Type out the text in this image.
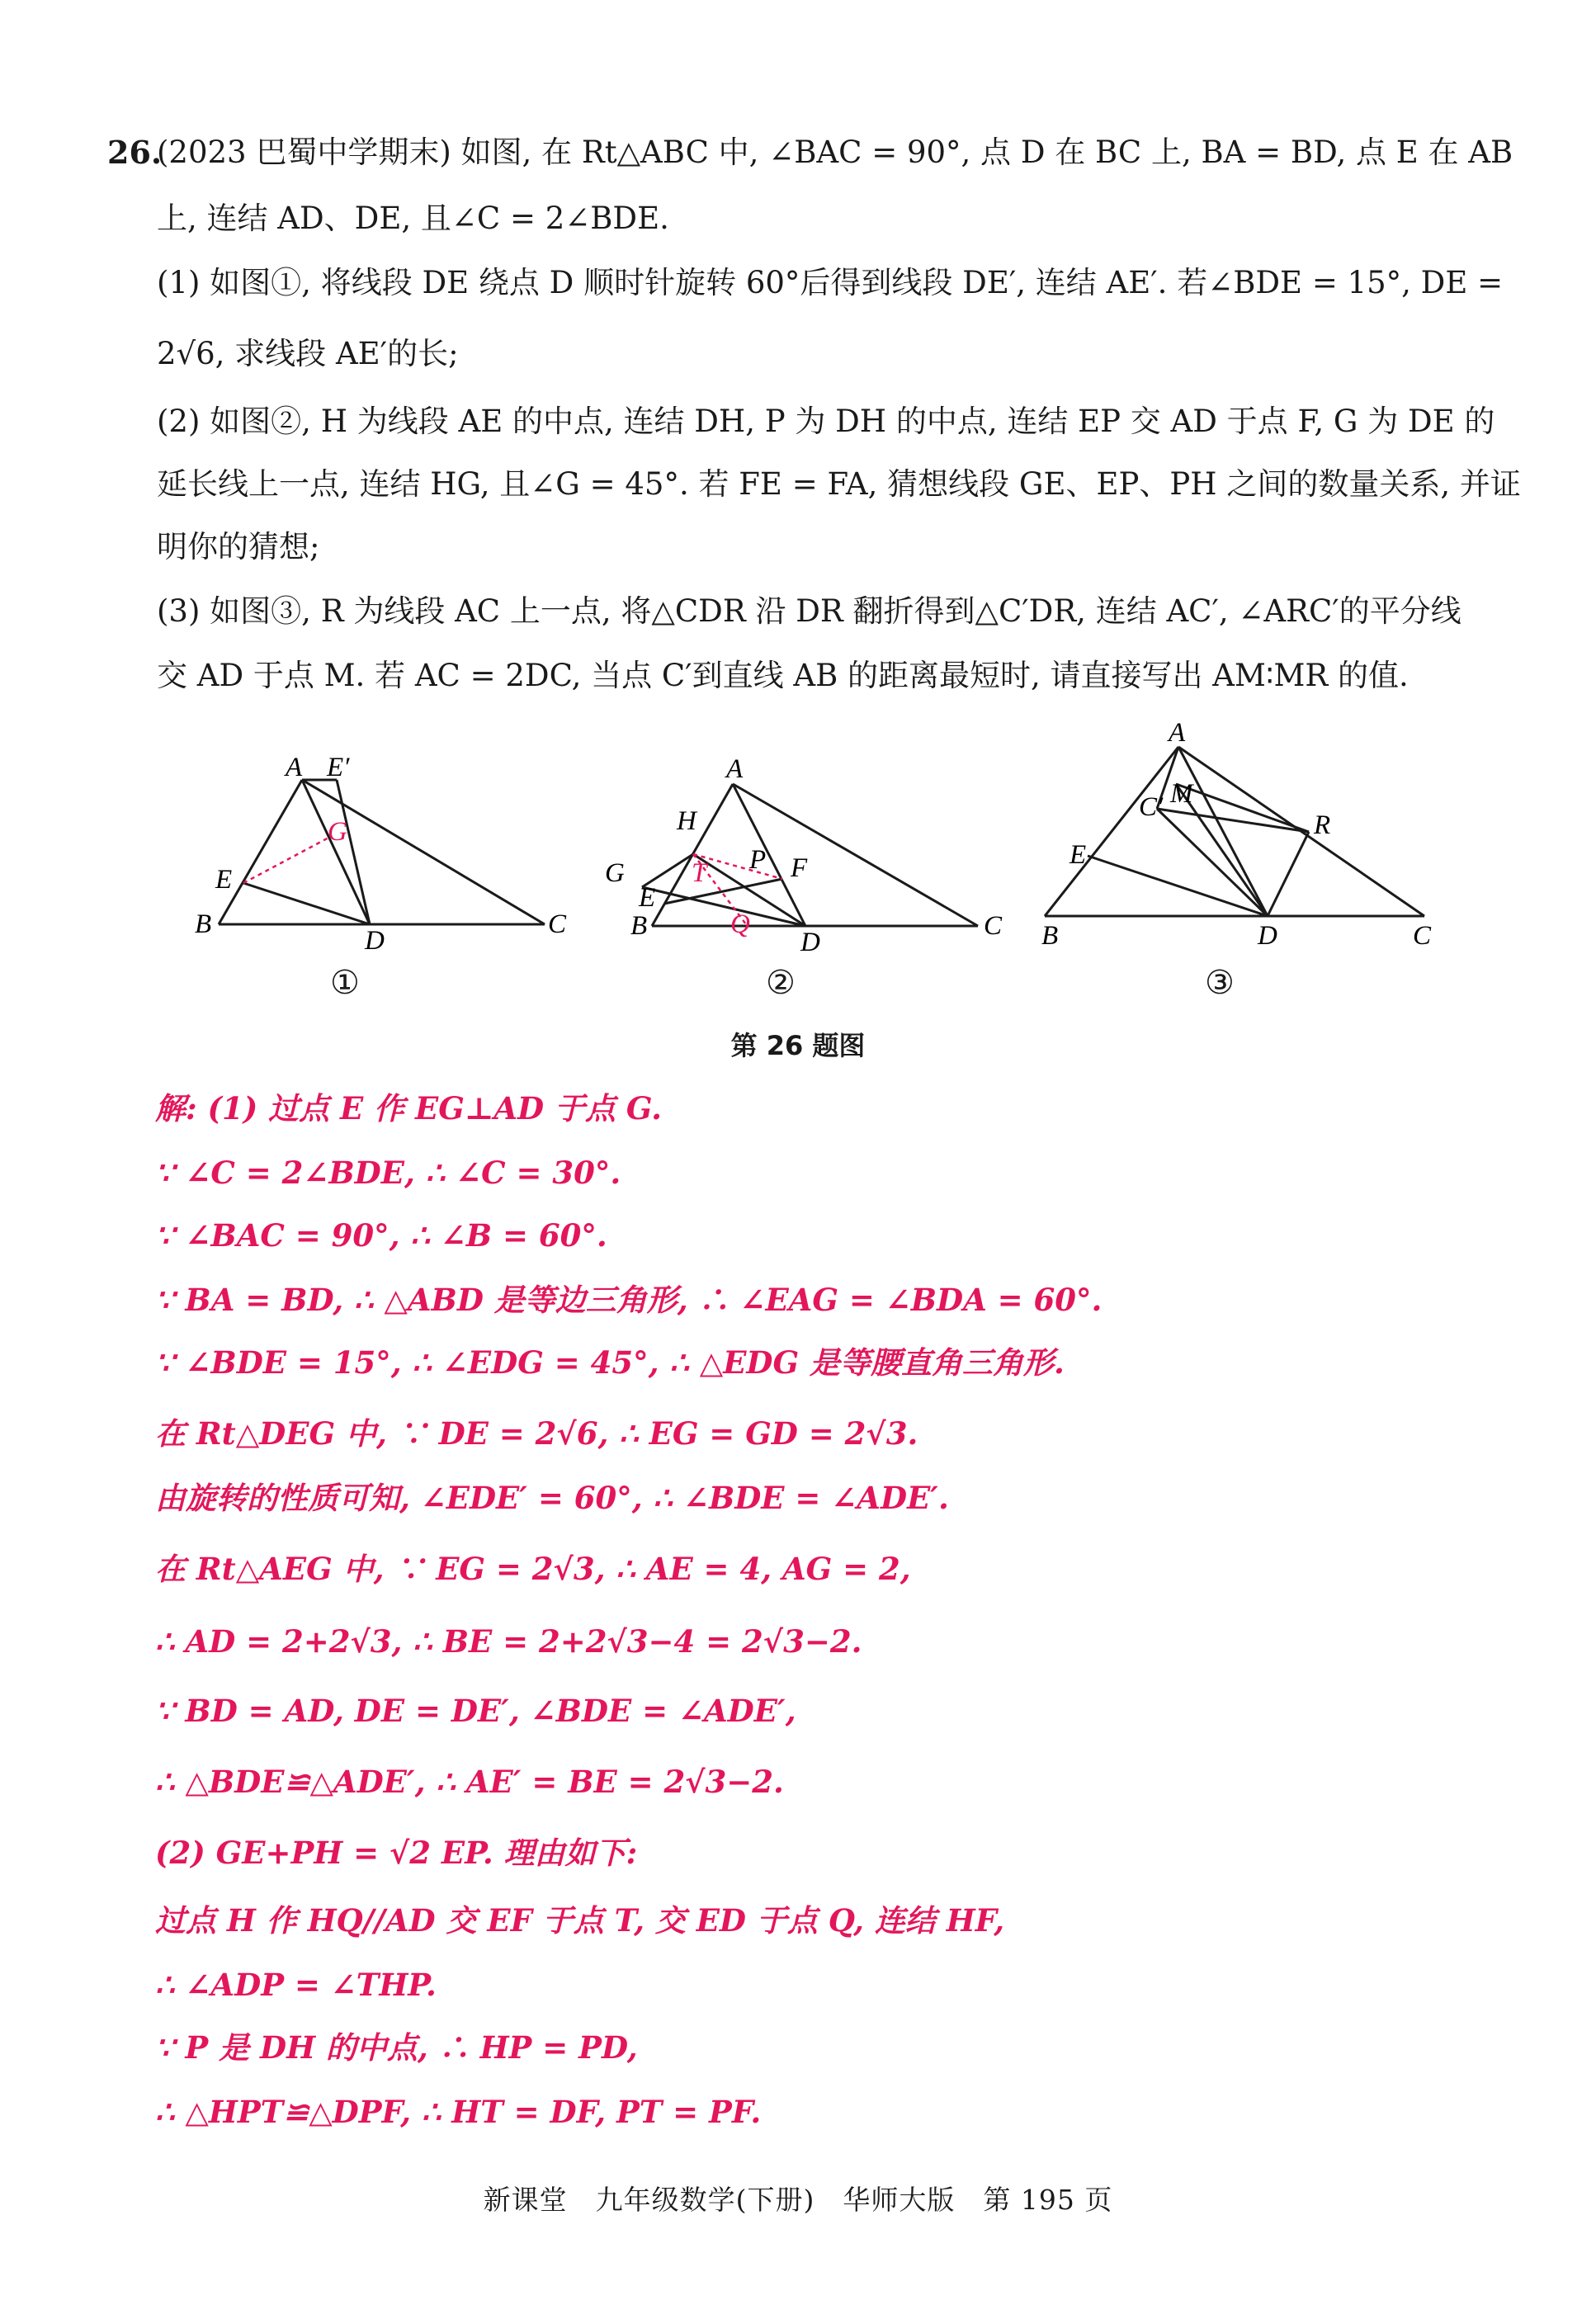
26.
(2023 巴蜀中学期末) 如图, 在 Rt△ABC 中, ∠BAC = 90°, 点 D 在 BC 上, BA = BD, 点 E 在 AB
上, 连结 AD、DE, 且∠C = 2∠BDE.
(1) 如图①, 将线段 DE 绕点 D 顺时针旋转 60°后得到线段 DE′, 连结 AE′. 若∠BDE = 15°, DE =
2√6, 求线段 AE′的长;
(2) 如图②, H 为线段 AE 的中点, 连结 DH, P 为 DH 的中点, 连结 EP 交 AD 于点 F, G 为 DE 的
延长线上一点, 连结 HG, 且∠G = 45°. 若 FE = FA, 猜想线段 GE、EP、PH 之间的数量关系, 并证
明你的猜想;
(3) 如图③, R 为线段 AC 上一点, 将△CDR 沿 DR 翻折得到△C′DR, 连结 AC′, ∠ARC′的平分线
交 AD 于点 M. 若 AC = 2DC, 当点 C′到直线 AB 的距离最短时, 请直接写出 AM∶MR 的值.
A E′
G
E
B
D
C
A
H
G T P F
E
B	Q
D
C
A
C′ M
R
E
B	D	C
①	②	③
第 26 题图
解: (1) 过点 E 作 EG⊥AD 于点 G.
∵ ∠C = 2∠BDE, ∴ ∠C = 30°.
∵ ∠BAC = 90°, ∴ ∠B = 60°.
∵ BA = BD, ∴ △ABD 是等边三角形, ∴ ∠EAG = ∠BDA = 60°.
∵ ∠BDE = 15°, ∴ ∠EDG = 45°, ∴ △EDG 是等腰直角三角形.
在 Rt△DEG 中, ∵ DE = 2√6, ∴ EG = GD = 2√3.
由旋转的性质可知, ∠EDE′ = 60°, ∴ ∠BDE = ∠ADE′.
在 Rt△AEG 中, ∵ EG = 2√3, ∴ AE = 4, AG = 2,
∴ AD = 2+2√3, ∴ BE = 2+2√3−4 = 2√3−2.
∵ BD = AD, DE = DE′, ∠BDE = ∠ADE′,
∴ △BDE≌△ADE′, ∴ AE′ = BE = 2√3−2.
(2) GE+PH = √2 EP. 理由如下:
过点 H 作 HQ//AD 交 EF 于点 T, 交 ED 于点 Q, 连结 HF,
∴ ∠ADP = ∠THP.
∵ P 是 DH 的中点, ∴ HP = PD,
∴ △HPT≌△DPF, ∴ HT = DF, PT = PF.
新课堂　九年级数学(下册)　华师大版　第 195 页
